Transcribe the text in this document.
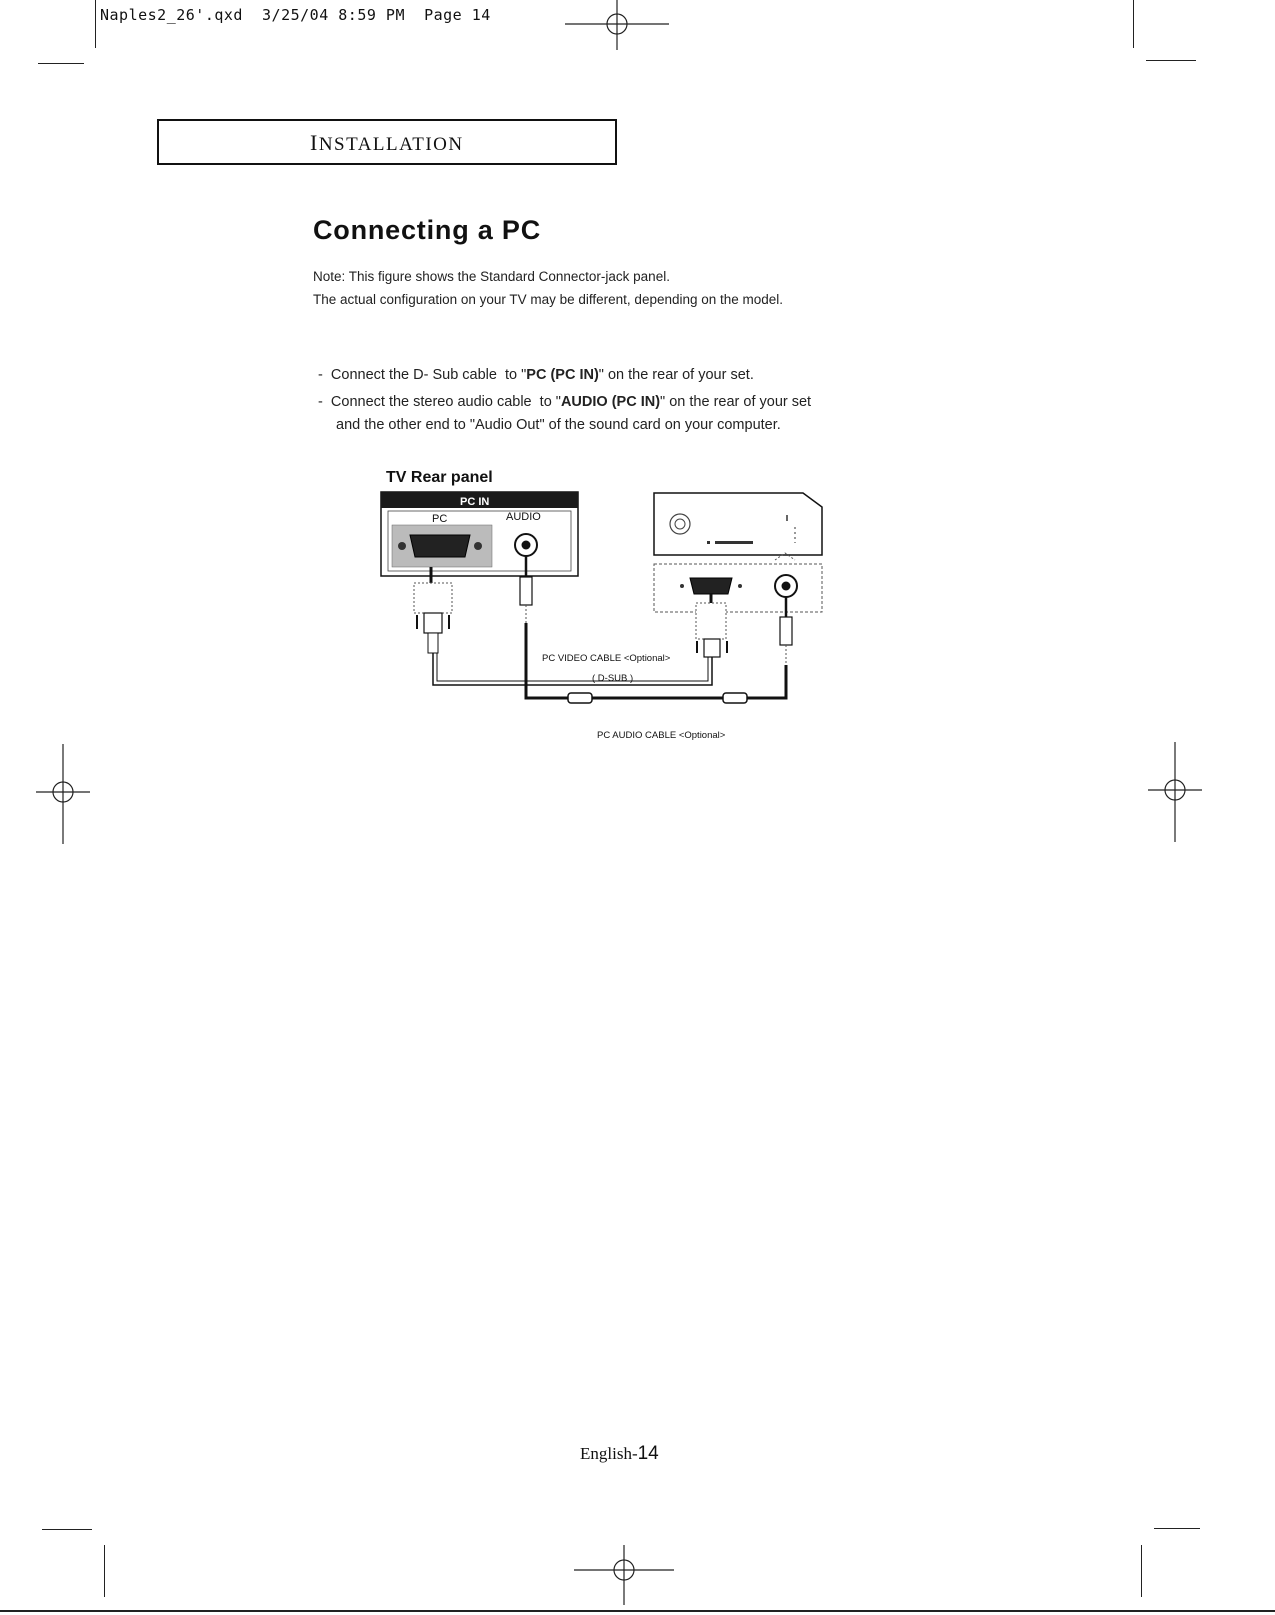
Naples2_26'.qxd 3/25/04 8:59 PM Page 14
INSTALLATION
Connecting a PC
Note: This figure shows the Standard Connector-jack panel.
The actual configuration on your TV may be different, depending on the model.
- Connect the D- Sub cable  to "PC (PC IN)" on the rear of your set.
- Connect the stereo audio cable  to "AUDIO (PC IN)" on the rear of your set
and the other end to "Audio Out" of the sound card on your computer.
TV Rear panel
PC IN
PC	AUDIO
PC VIDEO CABLE <Optional>
( D-SUB )
PC AUDIO CABLE <Optional>
English-14
